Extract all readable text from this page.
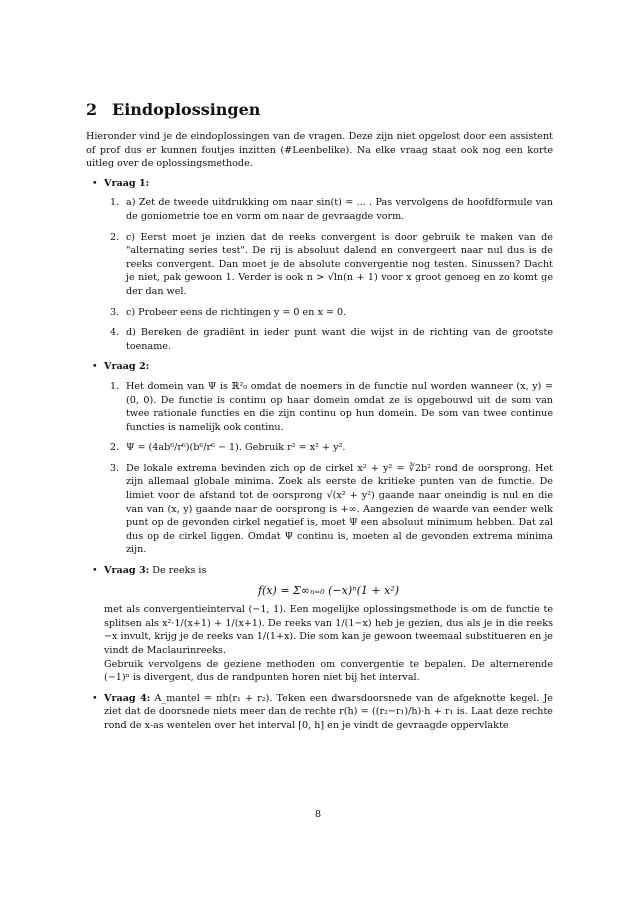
2 Eindoplossingen
Hieronder vind je de eindoplossingen van de vragen. Deze zijn niet opgelost door een assistent of prof dus er kunnen foutjes inzitten (#Leenbelike). Na elke vraag staat ook nog een korte uitleg over de oplossingsmethode.
• Vraag 1:
1. a) Zet de tweede uitdrukking om naar sin(t) = ... . Pas vervolgens de hoofdformule van de goniometrie toe en vorm om naar de gevraagde vorm.
2. c) Eerst moet je inzien dat de reeks convergent is door gebruik te maken van de "alternating series test". De rij is absoluut dalend en convergeert naar nul dus is de reeks convergent. Dan moet je de absolute convergentie nog testen. Sinussen? Dacht je niet, pak gewoon 1. Verder is ook n > √ln(n + 1) voor x groot genoeg en zo komt ge der dan wel.
3. c) Probeer eens de richtingen y = 0 en x = 0.
4. d) Bereken de gradiënt in ieder punt want die wijst in de richting van de grootste toename.
• Vraag 2:
1. Het domein van Ψ is ℝ²₀ omdat de noemers in de functie nul worden wanneer (x, y) = (0, 0). De functie is continu op haar domein omdat ze is opgebouwd uit de som van twee rationale functies en die zijn continu op hun domein. De som van twee continue functies is namelijk ook continu.
2. Ψ = (4ab⁶/r⁶)(b⁶/r⁶ − 1). Gebruik r² = x² + y².
3. De lokale extrema bevinden zich op de cirkel x² + y² = ∛2b² rond de oorsprong. Het zijn allemaal globale minima. Zoek als eerste de kritieke punten van de functie. De limiet voor de afstand tot de oorsprong √(x² + y²) gaande naar oneindig is nul en die van van (x, y) gaande naar de oorsprong is +∞. Aangezien de waarde van eender welk punt op de gevonden cirkel negatief is, moet Ψ een absoluut minimum hebben. Dat zal dus op de cirkel liggen. Omdat Ψ continu is, moeten al de gevonden extrema minima zijn.
• Vraag 3: De reeks is
f(x) = Σ∞ₙ₌₀ (−x)ⁿ(1 + x²)
met als convergentieinterval (−1, 1). Een mogelijke oplossingsmethode is om de functie te splitsen als x²·1/(x+1) + 1/(x+1). De reeks van 1/(1−x) heb je gezien, dus als je in die reeks −x invult, krijg je de reeks van 1/(1+x). Die som kan je gewoon tweemaal substitueren en je vindt de Maclaurinreeks.
Gebruik vervolgens de geziene methoden om convergentie te bepalen. De alternerende (−1)ⁿ is divergent, dus de randpunten horen niet bij het interval.
• Vraag 4: A_mantel = πh(r₁ + r₂). Teken een dwarsdoorsnede van de afgeknotte kegel. Je ziet dat de doorsnede niets meer dan de rechte r(h) = ((r₂−r₁)/h)·h + r₁ is. Laat deze rechte rond de x-as wentelen over het interval [0, h] en je vindt de gevraagde oppervlakte
8
